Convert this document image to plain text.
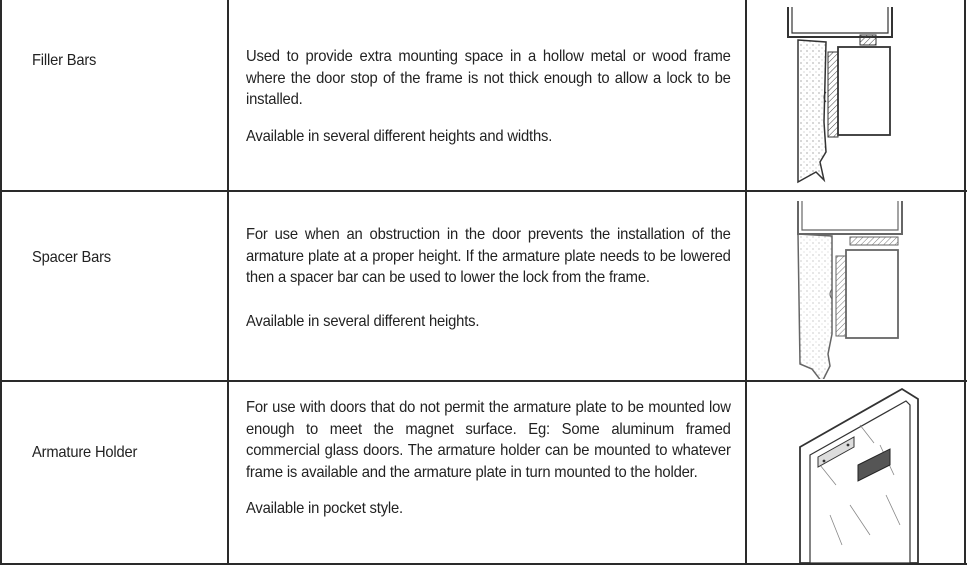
Filler Bars	Used to provide extra mounting space in a hollow metal or wood frame where the door stop of the frame is not thick enough to allow a lock to be installed.

Available in several different heights and widths.

Spacer Bars

For use when an obstruction in the door prevents the installation of the armature plate at a proper height. If the armature plate needs to be lowered then a spacer bar can be used to lower the lock from the frame.

Available in several different heights.

Armature Holder

For use with doors that do not permit the armature plate to be mounted low enough to meet the magnet surface. Eg: Some aluminum framed commercial glass doors. The armature holder can be mounted to whatever frame is available and the armature plate in turn mounted to the holder.

Available in pocket style.
